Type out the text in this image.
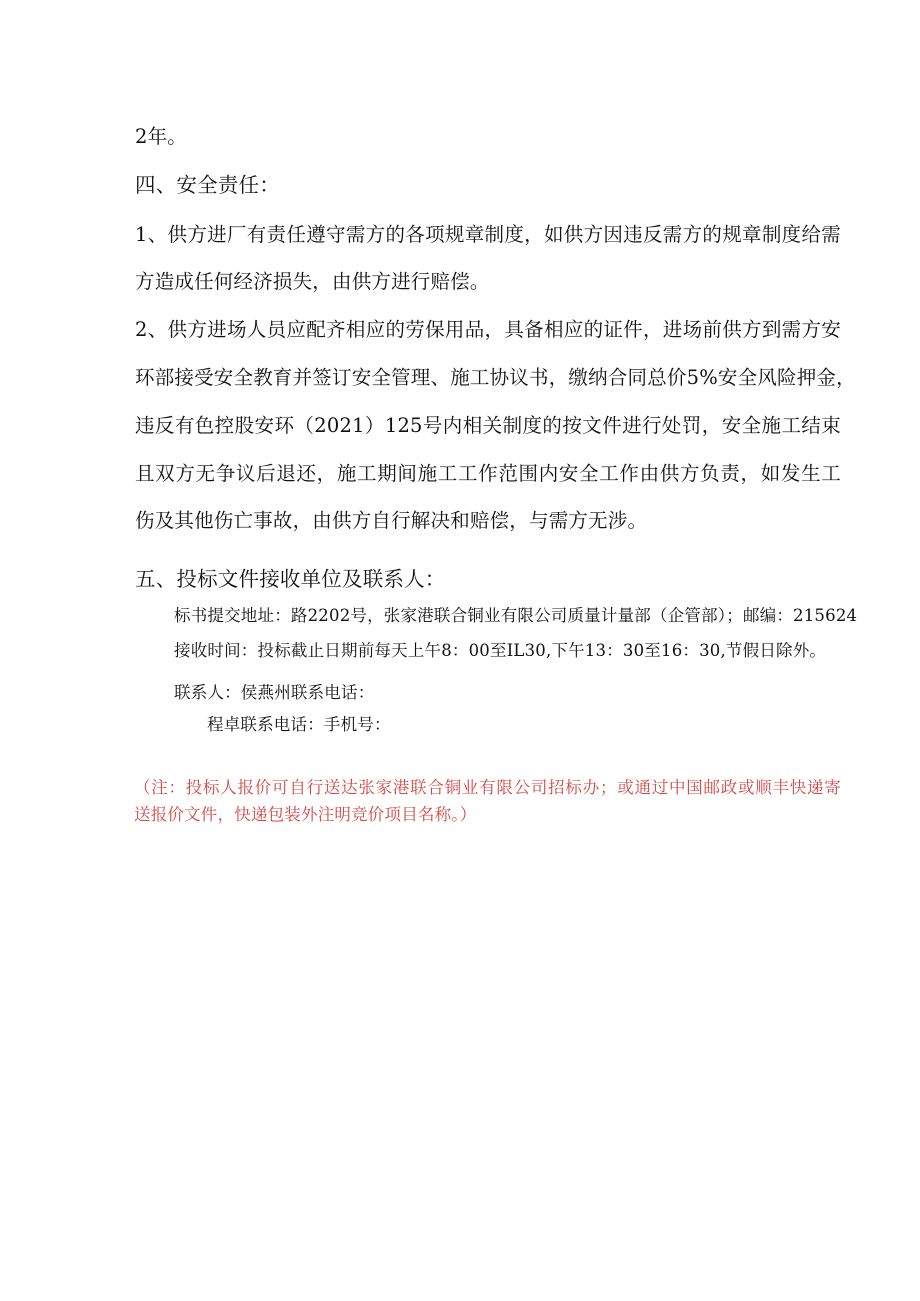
2年。
四、安全责任：
1、供方进厂有责任遵守需方的各项规章制度，如供方因违反需方的规章制度给需
方造成任何经济损失，由供方进行赔偿。
2、供方进场人员应配齐相应的劳保用品，具备相应的证件，进场前供方到需方安
环部接受安全教育并签订安全管理、施工协议书，缴纳合同总价5%安全风险押金，
违反有色控股安环（2021）125号内相关制度的按文件进行处罚，安全施工结束
且双方无争议后退还，施工期间施工工作范围内安全工作由供方负责，如发生工
伤及其他伤亡事故，由供方自行解决和赔偿，与需方无涉。
五、投标文件接收单位及联系人：
标书提交地址：路2202号，张家港联合铜业有限公司质量计量部（企管部）；邮编：215624
接收时间：投标截止日期前每天上午8：00至IL30,下午13：30至16：30,节假日除外。
联系人：侯燕州联系电话：
程卓联系电话：手机号：
（注：投标人报价可自行送达张家港联合铜业有限公司招标办；或通过中国邮政或顺丰快递寄
送报价文件，快递包装外注明竞价项目名称。）
